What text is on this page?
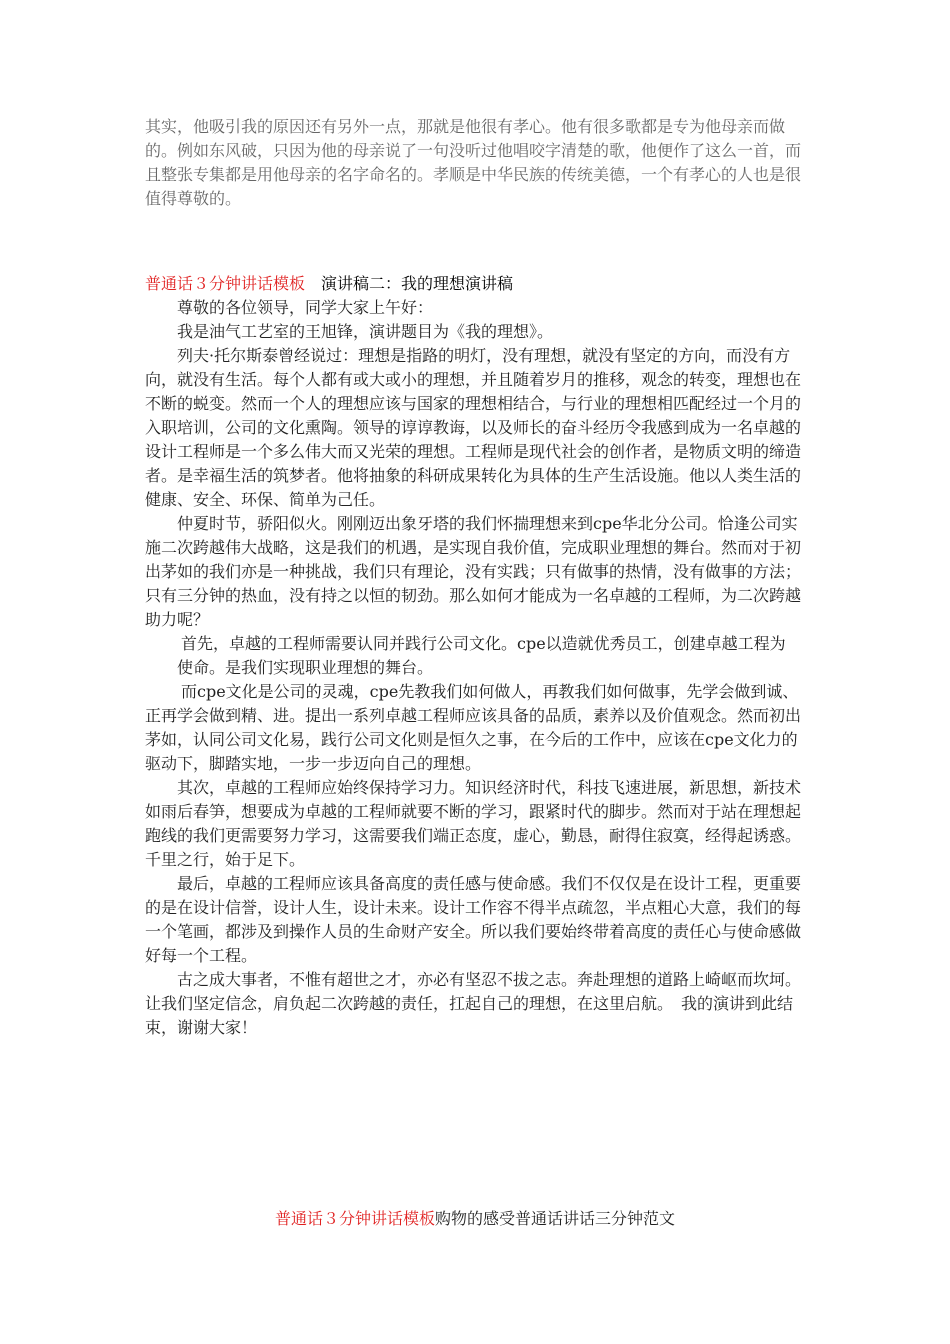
其实，他吸引我的原因还有另外一点，那就是他很有孝心。他有很多歌都是专为他母亲而做的。例如东风破，只因为他的母亲说了一句没听过他唱咬字清楚的歌，他便作了这么一首，而且整张专集都是用他母亲的名字命名的。孝顺是中华民族的传统美德，一个有孝心的人也是很值得尊敬的。

普通话３分钟讲话模板　演讲稿二：我的理想演讲稿

尊敬的各位领导，同学大家上午好：

我是油气工艺室的王旭锋，演讲题目为《我的理想》。

列夫·托尔斯泰曾经说过：理想是指路的明灯，没有理想，就没有坚定的方向，而没有方向，就没有生活。每个人都有或大或小的理想，并且随着岁月的推移，观念的转变，理想也在不断的蜕变。然而一个人的理想应该与国家的理想相结合，与行业的理想相匹配经过一个月的入职培训，公司的文化熏陶。领导的谆谆教诲，以及师长的奋斗经历令我感到成为一名卓越的设计工程师是一个多么伟大而又光荣的理想。工程师是现代社会的创作者，是物质文明的缔造者。是幸福生活的筑梦者。他将抽象的科研成果转化为具体的生产生活设施。他以人类生活的健康、安全、环保、简单为己任。

仲夏时节，骄阳似火。刚刚迈出象牙塔的我们怀揣理想来到cpe华北分公司。恰逢公司实施二次跨越伟大战略，这是我们的机遇，是实现自我价值，完成职业理想的舞台。然而对于初出茅如的我们亦是一种挑战，我们只有理论，没有实践；只有做事的热情，没有做事的方法；只有三分钟的热血，没有持之以恒的韧劲。那么如何才能成为一名卓越的工程师，为二次跨越助力呢？

首先，卓越的工程师需要认同并践行公司文化。cpe以造就优秀员工，创建卓越工程为

使命。是我们实现职业理想的舞台。

而cpe文化是公司的灵魂，cpe先教我们如何做人，再教我们如何做事，先学会做到诚、正再学会做到精、进。提出一系列卓越工程师应该具备的品质，素养以及价值观念。然而初出茅如，认同公司文化易，践行公司文化则是恒久之事，在今后的工作中，应该在cpe文化力的驱动下，脚踏实地，一步一步迈向自己的理想。

其次，卓越的工程师应始终保持学习力。知识经济时代，科技飞速进展，新思想，新技术如雨后春笋，想要成为卓越的工程师就要不断的学习，跟紧时代的脚步。然而对于站在理想起跑线的我们更需要努力学习，这需要我们端正态度，虚心，勤恳，耐得住寂寞，经得起诱惑。千里之行，始于足下。

最后，卓越的工程师应该具备高度的责任感与使命感。我们不仅仅是在设计工程，更重要的是在设计信誉，设计人生，设计未来。设计工作容不得半点疏忽，半点粗心大意，我们的每一个笔画，都涉及到操作人员的生命财产安全。所以我们要始终带着高度的责任心与使命感做好每一个工程。

古之成大事者，不惟有超世之才，亦必有坚忍不拔之志。奔赴理想的道路上崎岖而坎坷。让我们坚定信念，肩负起二次跨越的责任，扛起自己的理想，在这里启航。　我的演讲到此结束，谢谢大家！

普通话３分钟讲话模板购物的感受普通话讲话三分钟范文
